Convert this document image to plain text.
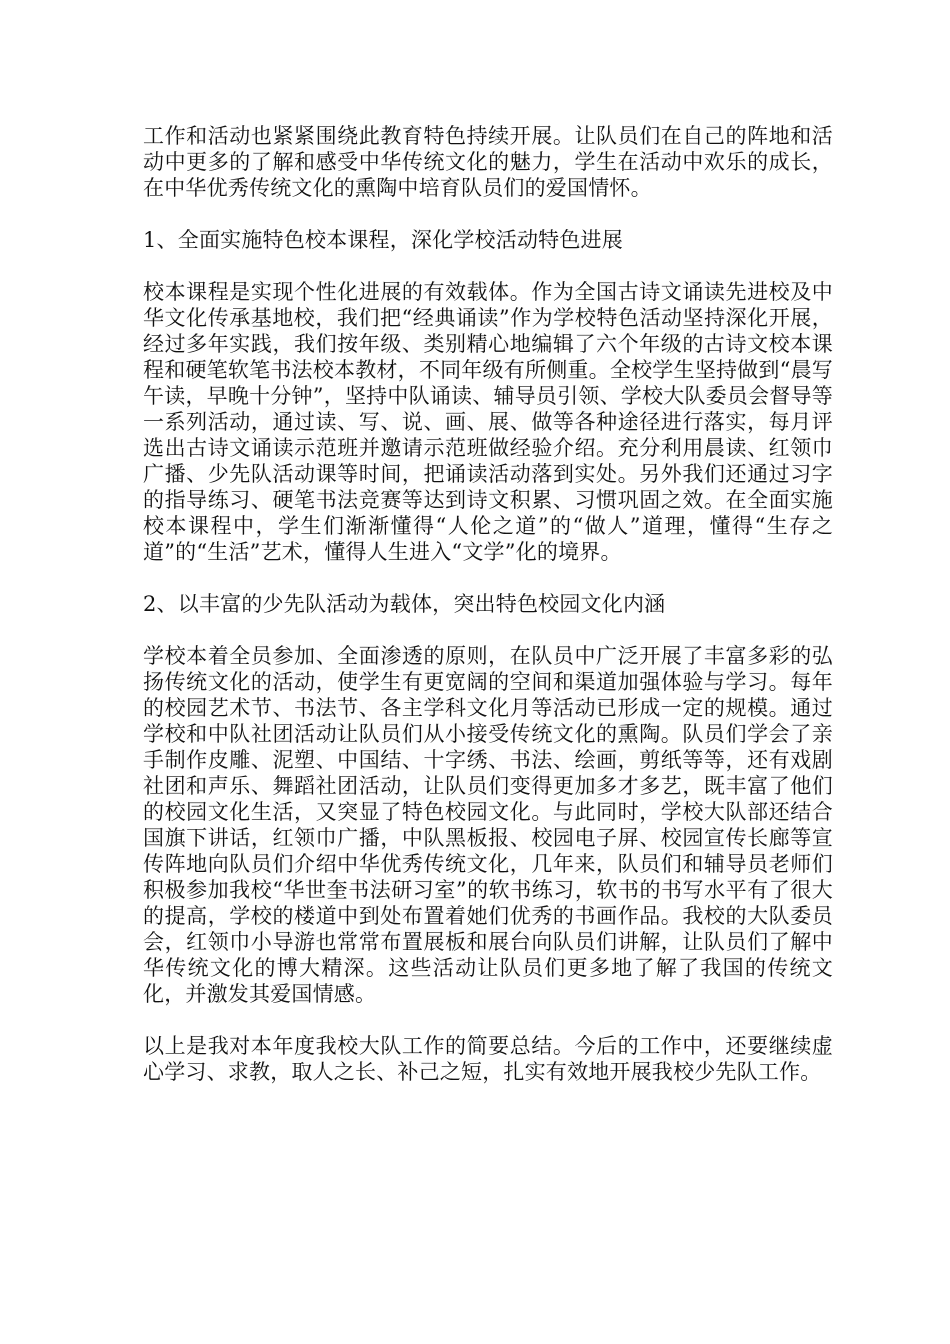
工作和活动也紧紧围绕此教育特色持续开展。让队员们在自己的阵地和活动中更多的了解和感受中华传统文化的魅力，学生在活动中欢乐的成长，在中华优秀传统文化的熏陶中培育队员们的爱国情怀。

1、全面实施特色校本课程，深化学校活动特色进展

校本课程是实现个性化进展的有效载体。作为全国古诗文诵读先进校及中华文化传承基地校，我们把“经典诵读”作为学校特色活动坚持深化开展，经过多年实践，我们按年级、类别精心地编辑了六个年级的古诗文校本课程和硬笔软笔书法校本教材，不同年级有所侧重。全校学生坚持做到“晨写午读，早晚十分钟”，坚持中队诵读、辅导员引领、学校大队委员会督导等一系列活动，通过读、写、说、画、展、做等各种途径进行落实，每月评选出古诗文诵读示范班并邀请示范班做经验介绍。充分利用晨读、红领巾广播、少先队活动课等时间，把诵读活动落到实处。另外我们还通过习字的指导练习、硬笔书法竞赛等达到诗文积累、习惯巩固之效。在全面实施校本课程中，学生们渐渐懂得“人伦之道”的“做人”道理，懂得“生存之道”的“生活”艺术，懂得人生进入“文学”化的境界。

2、以丰富的少先队活动为载体，突出特色校园文化内涵

学校本着全员参加、全面渗透的原则，在队员中广泛开展了丰富多彩的弘扬传统文化的活动，使学生有更宽阔的空间和渠道加强体验与学习。每年的校园艺术节、书法节、各主学科文化月等活动已形成一定的规模。通过学校和中队社团活动让队员们从小接受传统文化的熏陶。队员们学会了亲手制作皮雕、泥塑、中国结、十字绣、书法、绘画，剪纸等等，还有戏剧社团和声乐、舞蹈社团活动，让队员们变得更加多才多艺，既丰富了他们的校园文化生活，又突显了特色校园文化。与此同时，学校大队部还结合国旗下讲话，红领巾广播，中队黑板报、校园电子屏、校园宣传长廊等宣传阵地向队员们介绍中华优秀传统文化，几年来，队员们和辅导员老师们积极参加我校“华世奎书法研习室”的软书练习，软书的书写水平有了很大的提高，学校的楼道中到处布置着她们优秀的书画作品。我校的大队委员会，红领巾小导游也常常布置展板和展台向队员们讲解，让队员们了解中华传统文化的博大精深。这些活动让队员们更多地了解了我国的传统文化，并激发其爱国情感。

以上是我对本年度我校大队工作的简要总结。今后的工作中，还要继续虚心学习、求教，取人之长、补己之短，扎实有效地开展我校少先队工作。
